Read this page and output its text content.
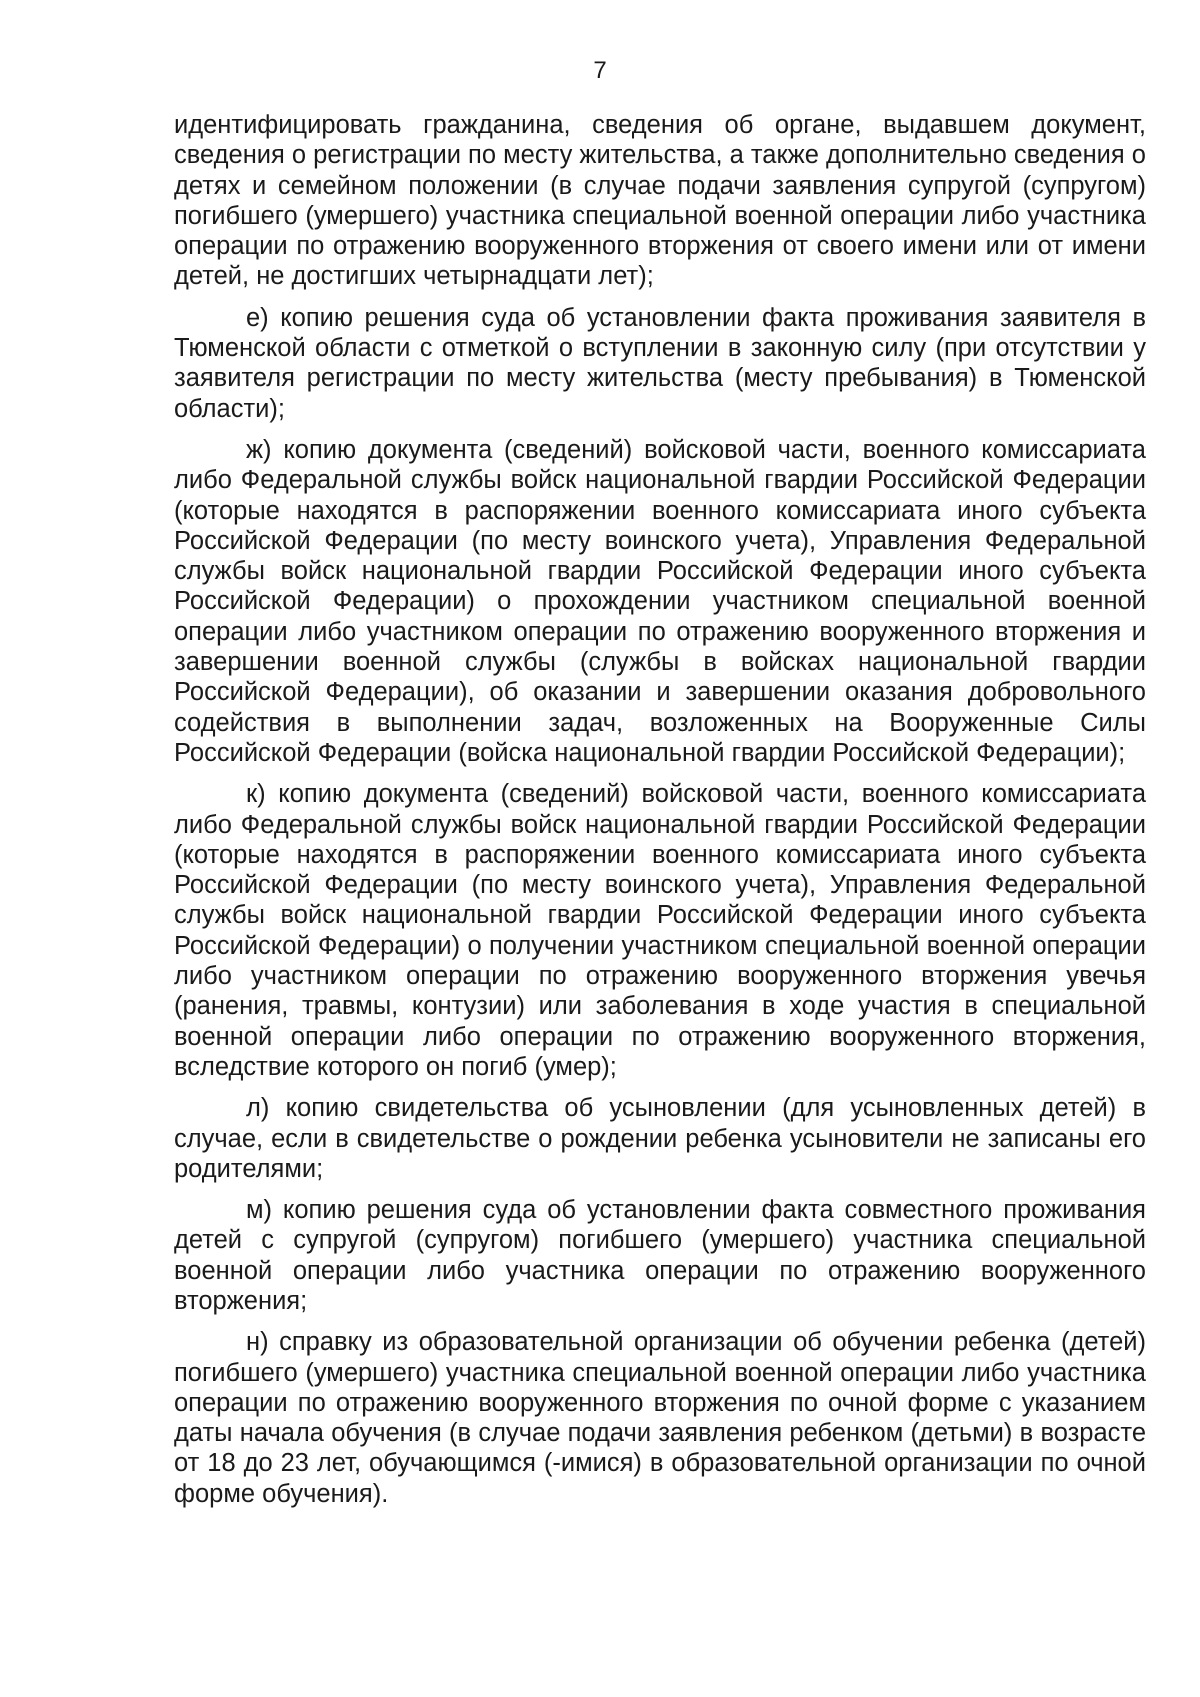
7

идентифицировать гражданина, сведения об органе, выдавшем документ, сведения о регистрации по месту жительства, а также дополнительно сведения о детях и семейном положении (в случае подачи заявления супругой (супругом) погибшего (умершего) участника специальной военной операции либо участника операции по отражению вооруженного вторжения от своего имени или от имени детей, не достигших четырнадцати лет);

е) копию решения суда об установлении факта проживания заявителя в Тюменской области с отметкой о вступлении в законную силу (при отсутствии у заявителя регистрации по месту жительства (месту пребывания) в Тюменской области);

ж) копию документа (сведений) войсковой части, военного комиссариата либо Федеральной службы войск национальной гвардии Российской Федерации (которые находятся в распоряжении военного комиссариата иного субъекта Российской Федерации (по месту воинского учета), Управления Федеральной службы войск национальной гвардии Российской Федерации иного субъекта Российской Федерации) о прохождении участником специальной военной операции либо участником операции по отражению вооруженного вторжения и завершении военной службы (службы в войсках национальной гвардии Российской Федерации), об оказании и завершении оказания добровольного содействия в выполнении задач, возложенных на Вооруженные Силы Российской Федерации (войска национальной гвардии Российской Федерации);

к) копию документа (сведений) войсковой части, военного комиссариата либо Федеральной службы войск национальной гвардии Российской Федерации (которые находятся в распоряжении военного комиссариата иного субъекта Российской Федерации (по месту воинского учета), Управления Федеральной службы войск национальной гвардии Российской Федерации иного субъекта Российской Федерации) о получении участником специальной военной операции либо участником операции по отражению вооруженного вторжения увечья (ранения, травмы, контузии) или заболевания в ходе участия в специальной военной операции либо операции по отражению вооруженного вторжения, вследствие которого он погиб (умер);

л) копию свидетельства об усыновлении (для усыновленных детей) в случае, если в свидетельстве о рождении ребенка усыновители не записаны его родителями;

м) копию решения суда об установлении факта совместного проживания детей с супругой (супругом) погибшего (умершего) участника специальной военной операции либо участника операции по отражению вооруженного вторжения;

н) справку из образовательной организации об обучении ребенка (детей) погибшего (умершего) участника специальной военной операции либо участника операции по отражению вооруженного вторжения по очной форме с указанием даты начала обучения (в случае подачи заявления ребенком (детьми) в возрасте от 18 до 23 лет, обучающимся (-имися) в образовательной организации по очной форме обучения).
